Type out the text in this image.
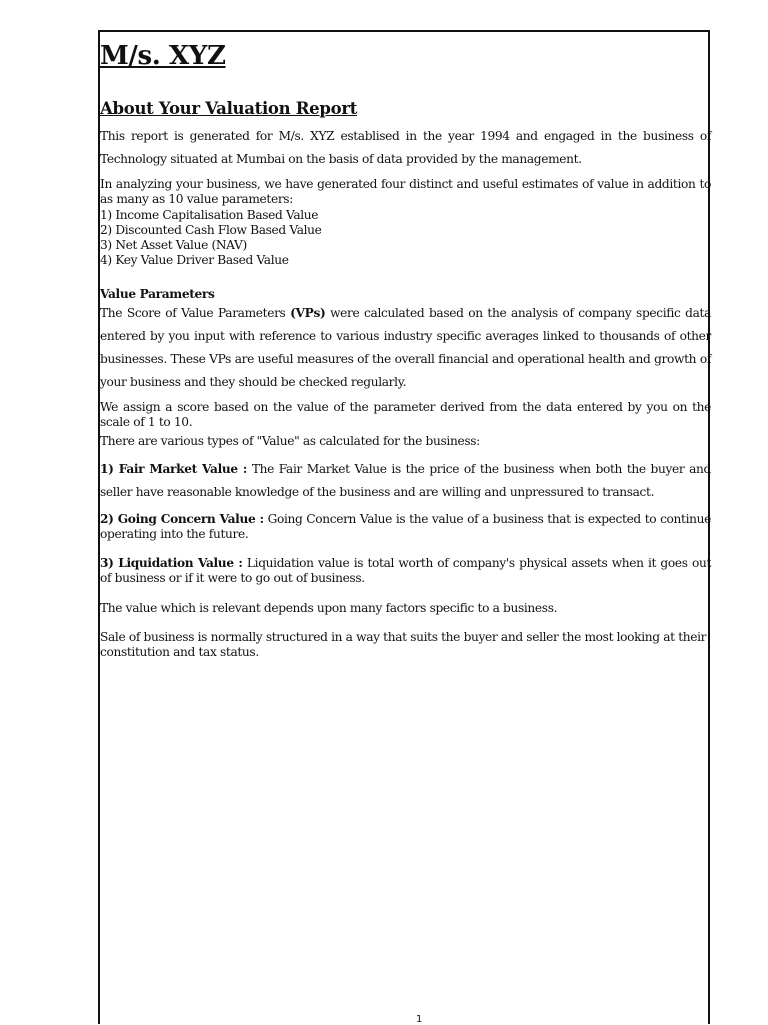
M/s. XYZ
About Your Valuation Report

This report is generated for M/s. XYZ establised in the year 1994 and engaged in the business of Technology situated at Mumbai on the basis of data provided by the management.

In analyzing your business, we have generated four distinct and useful estimates of value in addition to as many as 10 value parameters:

1) Income Capitalisation Based Value
2) Discounted Cash Flow Based Value
3) Net Asset Value (NAV)
4) Key Value Driver Based Value
Value Parameters

The Score of Value Parameters (VPs) were calculated based on the analysis of company specific data entered by you input with reference to various industry specific averages linked to thousands of other businesses. These VPs are useful measures of the overall financial and operational health and growth of your business and they should be checked regularly.

We assign a score based on the value of the parameter derived from the data entered by you on the scale of 1 to 10.

There are various types of "Value" as calculated for the business:

1) Fair Market Value : The Fair Market Value is the price of the business when both the buyer and seller have reasonable knowledge of the business and are willing and unpressured to transact.

2) Going Concern Value : Going Concern Value is the value of a business that is expected to continue operating into the future.

3) Liquidation Value : Liquidation value is total worth of company's physical assets when it goes out of business or if it were to go out of business.

The value which is relevant depends upon many factors specific to a business.

Sale of business is normally structured in a way that suits the buyer and seller the most looking at their constitution and tax status.

1
